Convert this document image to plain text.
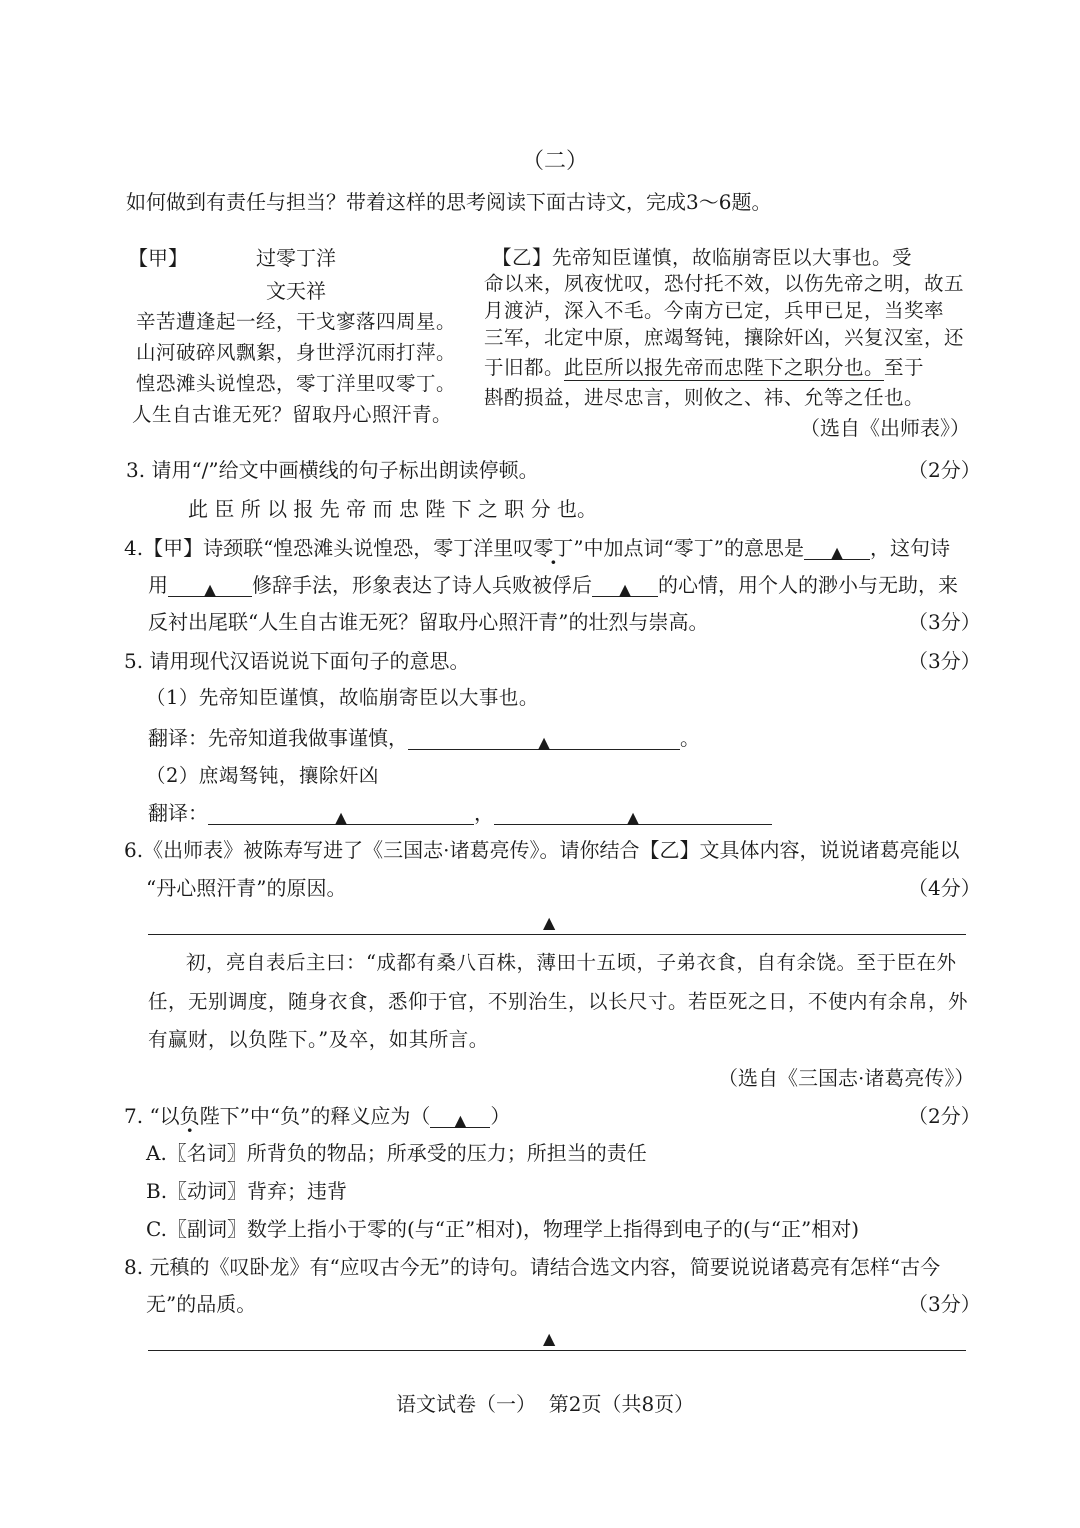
（二）
如何做到有责任与担当？带着这样的思考阅读下面古诗文，完成3～6题。
【甲】	过零丁洋
文天祥
辛苦遭逢起一经，干戈寥落四周星。
山河破碎风飘絮，身世浮沉雨打萍。
惶恐滩头说惶恐，零丁洋里叹零丁。
人生自古谁无死？留取丹心照汗青。
【乙】先帝知臣谨慎，故临崩寄臣以大事也。受
命以来，夙夜忧叹，恐付托不效，以伤先帝之明，故五
月渡泸，深入不毛。今南方已定，兵甲已足，当奖率
三军，北定中原，庶竭驽钝，攘除奸凶，兴复汉室，还
于旧都。此臣所以报先帝而忠陛下之职分也。至于
斟酌损益，进尽忠言，则攸之、祎、允等之任也。
（选自《出师表》）
3. 请用“/”给文中画横线的句子标出朗读停顿。	（2分）
此 臣 所 以 报 先 帝 而 忠 陛 下 之 职 分 也。
4.【甲】诗颈联“惶恐滩头说惶恐，零丁洋里叹零丁”中加点词“零丁”的意思是 ▲ ，这句诗
用 ▲ 修辞手法，形象表达了诗人兵败被俘后 ▲ 的心情，用个人的渺小与无助，来
反衬出尾联“人生自古谁无死？留取丹心照汗青”的壮烈与崇高。	（3分）
5. 请用现代汉语说说下面句子的意思。	（3分）
（1）先帝知臣谨慎，故临崩寄臣以大事也。
翻译：先帝知道我做事谨慎，	▲	。
（2）庶竭驽钝，攘除奸凶
翻译：	▲	，	▲
6.《出师表》被陈寿写进了《三国志·诸葛亮传》。请你结合【乙】文具体内容，说说诸葛亮能以
“丹心照汗青”的原因。	（4分）
▲
初，亮自表后主曰：“成都有桑八百株，薄田十五顷，子弟衣食，自有余饶。至于臣在外
任，无别调度，随身衣食，悉仰于官，不别治生，以长尺寸。若臣死之日，不使内有余帛，外
有赢财，以负陛下。”及卒，如其所言。
（选自《三国志·诸葛亮传》）
7. “以负陛下”中“负”的释义应为（ ▲ ）	（2分）
A.〖名词〗所背负的物品；所承受的压力；所担当的责任
B.〖动词〗背弃；违背
C.〖副词〗数学上指小于零的(与“正”相对)，物理学上指得到电子的(与“正”相对)
8. 元稹的《叹卧龙》有“应叹古今无”的诗句。请结合选文内容，简要说说诸葛亮有怎样“古今
无”的品质。	（3分）
▲
语文试卷（一）  第2页（共8页）
